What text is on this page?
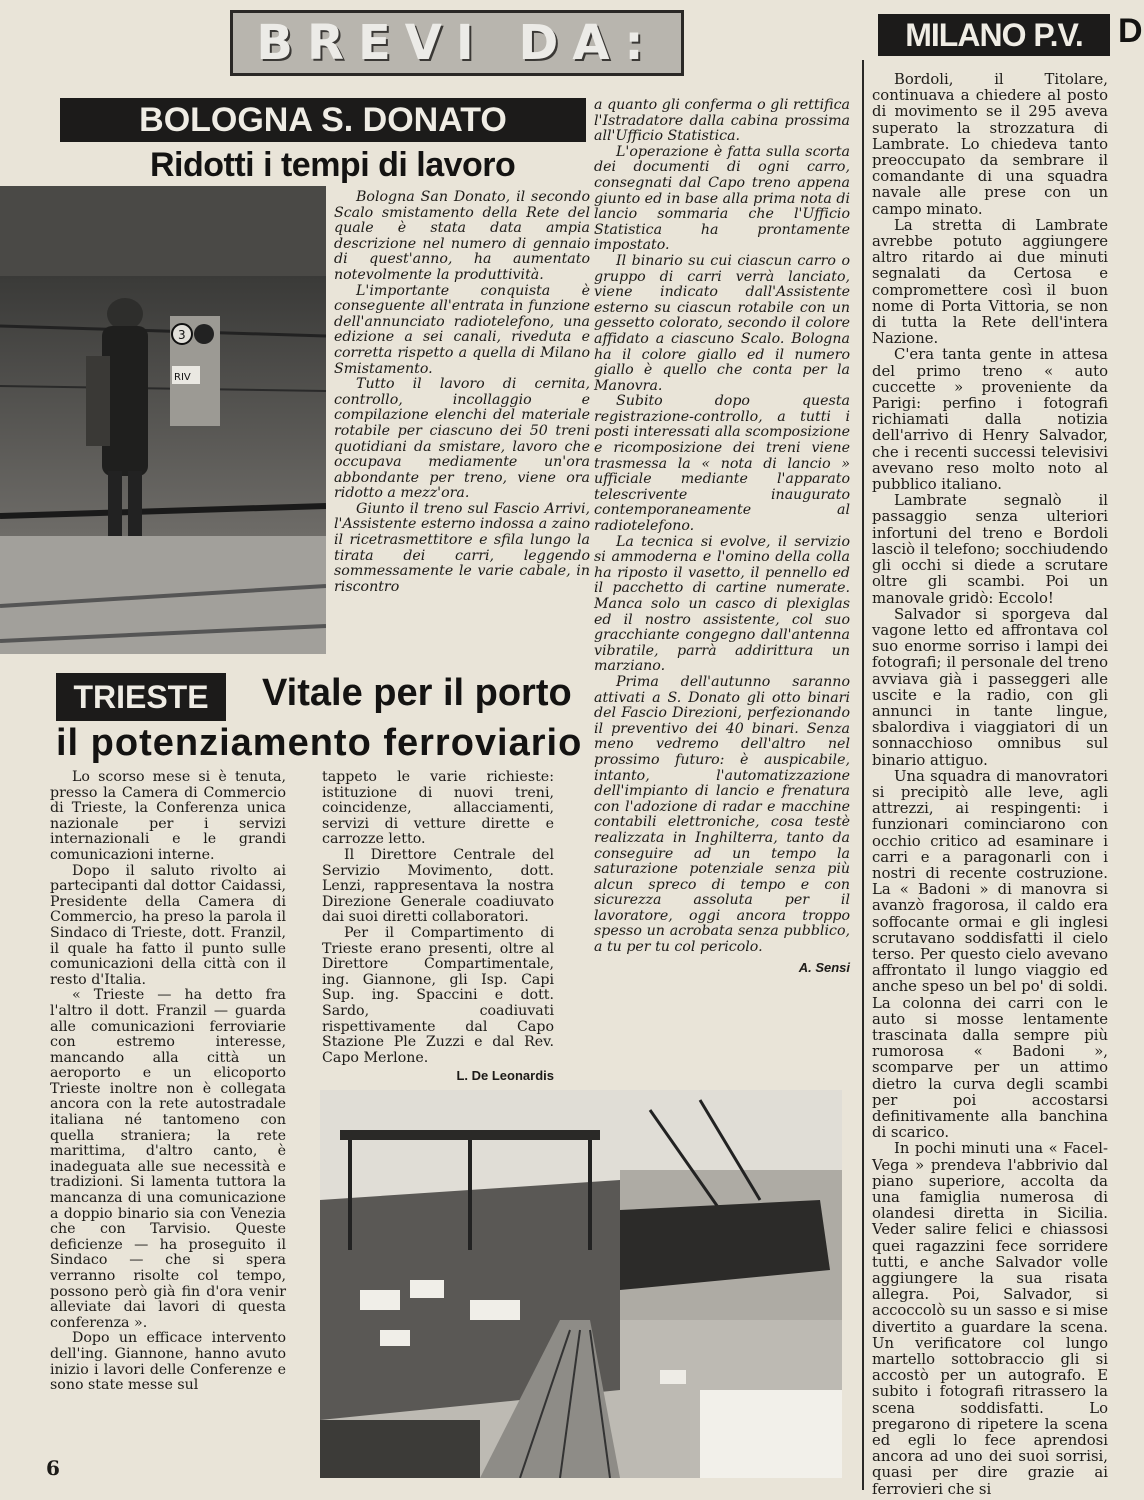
BREVI DA:	MILANO P.V.	D
BOLOGNA S. DONATO
Ridotti i tempi di lavoro
3
RIV

Bologna San Donato, il secondo Scalo smistamento della Rete del quale è stata data ampia descrizione nel numero di gennaio di quest'anno, ha aumentato notevolmente la produttività.

L'importante conquista è conseguente all'entrata in funzione dell'annunciato radiotelefono, una edizione a sei canali, riveduta e corretta rispetto a quella di Milano Smistamento.

Tutto il lavoro di cernita, controllo, incollaggio e compilazione elenchi del materiale rotabile per ciascuno dei 50 treni quotidiani da smistare, lavoro che occupava mediamente un'ora abbondante per treno, viene ora ridotto a mezz'ora.

Giunto il treno sul Fascio Arrivi, l'Assistente esterno indossa a zaino il ricetrasmettitore e sfila lungo la tirata dei carri, leggendo sommessamente le varie cabale, in riscontro

a quanto gli conferma o gli rettifica l'Istradatore dalla cabina prossima all'Ufficio Statistica.

L'operazione è fatta sulla scorta dei documenti di ogni carro, consegnati dal Capo treno appena giunto ed in base alla prima nota di lancio sommaria che l'Ufficio Statistica ha prontamente impostato.

Il binario su cui ciascun carro o gruppo di carri verrà lanciato, viene indicato dall'Assistente esterno su ciascun rotabile con un gessetto colorato, secondo il colore affidato a ciascuno Scalo. Bologna ha il colore giallo ed il numero giallo è quello che conta per la Manovra.

Subito dopo questa registrazione-controllo, a tutti i posti interessati alla scomposizione e ricomposizione dei treni viene trasmessa la « nota di lancio » ufficiale mediante l'apparato telescrivente inaugurato contemporaneamente al radiotelefono.

La tecnica si evolve, il servizio si ammoderna e l'omino della colla ha riposto il vasetto, il pennello ed il pacchetto di cartine numerate. Manca solo un casco di plexiglas ed il nostro assistente, col suo gracchiante congegno dall'antenna vibratile, parrà addirittura un marziano.

Prima dell'autunno saranno attivati a S. Donato gli otto binari del Fascio Direzioni, perfezionando il preventivo dei 40 binari. Senza meno vedremo dell'altro nel prossimo futuro: è auspicabile, intanto, l'automatizzazione dell'impianto di lancio e frenatura con l'adozione di radar e macchine contabili elettroniche, cosa testè realizzata in Inghilterra, tanto da conseguire ad un tempo la saturazione potenziale senza più alcun spreco di tempo e con sicurezza assoluta per il lavoratore, oggi ancora troppo spesso un acrobata senza pubblico, a tu per tu col pericolo.

A. Sensi
TRIESTE	Vitale per il porto
il potenziamento ferroviario

Lo scorso mese si è tenuta, presso la Camera di Commercio di Trieste, la Conferenza unica nazionale per i servizi internazionali e le grandi comunicazioni interne.

Dopo il saluto rivolto ai partecipanti dal dottor Caidassi, Presidente della Camera di Commercio, ha preso la parola il Sindaco di Trieste, dott. Franzil, il quale ha fatto il punto sulle comunicazioni della città con il resto d'Italia.

« Trieste — ha detto fra l'altro il dott. Franzil — guarda alle comunicazioni ferroviarie con estremo interesse, mancando alla città un aeroporto e un elicoporto Trieste inoltre non è collegata ancora con la rete autostradale italiana né tantomeno con quella straniera; la rete marittima, d'altro canto, è inadeguata alle sue necessità e tradizioni. Si lamenta tuttora la mancanza di una comunicazione a doppio binario sia con Venezia che con Tarvisio. Queste deficienze — ha proseguito il Sindaco — che si spera verranno risolte col tempo, possono però già fin d'ora venir alleviate dai lavori di questa conferenza ».

Dopo un efficace intervento dell'ing. Giannone, hanno avuto inizio i lavori delle Conferenze e sono state messe sul

tappeto le varie richieste: istituzione di nuovi treni, coincidenze, allacciamenti, servizi di vetture dirette e carrozze letto.

Il Direttore Centrale del Servizio Movimento, dott. Lenzi, rappresentava la nostra Direzione Generale coadiuvato dai suoi diretti collaboratori.

Per il Compartimento di Trieste erano presenti, oltre al Direttore Compartimentale, ing. Giannone, gli Isp. Capi Sup. ing. Spaccini e dott. Sardo, coadiuvati rispettivamente dal Capo Stazione Ple Zuzzi e dal Rev. Capo Merlone.

L. De Leonardis

Bordoli, il Titolare, continuava a chiedere al posto di movimento se il 295 aveva superato la strozzatura di Lambrate. Lo chiedeva tanto preoccupato da sembrare il comandante di una squadra navale alle prese con un campo minato.

La stretta di Lambrate avrebbe potuto aggiungere altro ritardo ai due minuti segnalati da Certosa e compromettere così il buon nome di Porta Vittoria, se non di tutta la Rete dell'intera Nazione.

C'era tanta gente in attesa del primo treno « auto cuccette » proveniente da Parigi: perfino i fotografi richiamati dalla notizia dell'arrivo di Henry Salvador, che i recenti successi televisivi avevano reso molto noto al pubblico italiano.

Lambrate segnalò il passaggio senza ulteriori infortuni del treno e Bordoli lasciò il telefono; socchiudendo gli occhi si diede a scrutare oltre gli scambi. Poi un manovale gridò: Eccolo!

Salvador si sporgeva dal vagone letto ed affrontava col suo enorme sorriso i lampi dei fotografi; il personale del treno avviava già i passeggeri alle uscite e la radio, con gli annunci in tante lingue, sbalordiva i viaggiatori di un sonnacchioso omnibus sul binario attiguo.

Una squadra di manovratori si precipitò alle leve, agli attrezzi, ai respingenti: i funzionari cominciarono con occhio critico ad esaminare i carri e a paragonarli con i nostri di recente costruzione. La « Badoni » di manovra si avanzò fragorosa, il caldo era soffocante ormai e gli inglesi scrutavano soddisfatti il cielo terso. Per questo cielo avevano affrontato il lungo viaggio ed anche speso un bel po' di soldi. La colonna dei carri con le auto si mosse lentamente trascinata dalla sempre più rumorosa « Badoni », scomparve per un attimo dietro la curva degli scambi per poi accostarsi definitivamente alla banchina di scarico.

In pochi minuti una « Facel-Vega » prendeva l'abbrivio dal piano superiore, accolta da una famiglia numerosa di olandesi diretta in Sicilia. Veder salire felici e chiassosi quei ragazzini fece sorridere tutti, e anche Salvador volle aggiungere la sua risata allegra. Poi, Salvador, si accoccolò su un sasso e si mise divertito a guardare la scena. Un verificatore col lungo martello sottobraccio gli si accostò per un autografo. E subito i fotografi ritrassero la scena soddisfatti. Lo pregarono di ripetere la scena ed egli lo fece aprendosi ancora ad uno dei suoi sorrisi, quasi per dire grazie ai ferrovieri che si

6
